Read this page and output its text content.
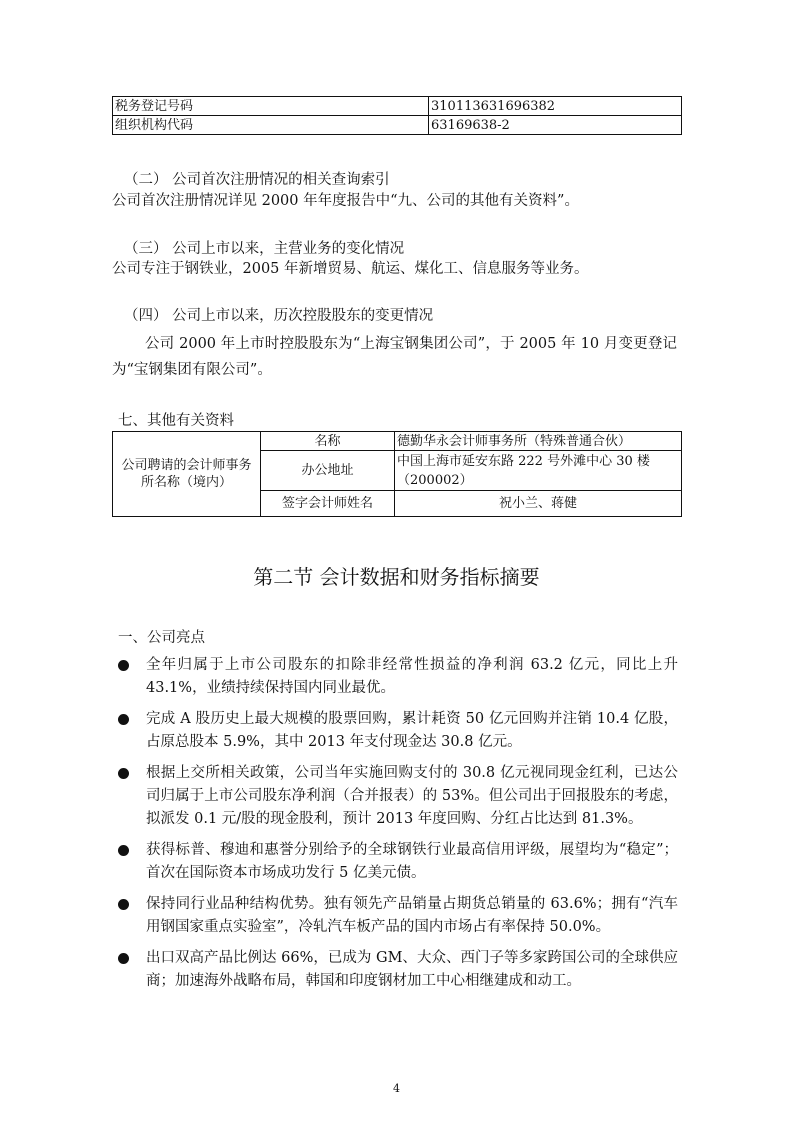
税务登记号码	310113631696382
组织机构代码	63169638-2
（二） 公司首次注册情况的相关查询索引
公司首次注册情况详见 2000 年年度报告中“九、公司的其他有关资料”。
（三） 公司上市以来，主营业务的变化情况
公司专注于钢铁业，2005 年新增贸易、航运、煤化工、信息服务等业务。
（四） 公司上市以来，历次控股股东的变更情况
公司 2000 年上市时控股股东为“上海宝钢集团公司”，于 2005 年 10 月变更登记为“宝钢集团有限公司”。
七、其他有关资料
公司聘请的会计师事务所名称（境内）	名称	德勤华永会计师事务所（特殊普通合伙）
	办公地址	中国上海市延安东路 222 号外滩中心 30 楼（200002）
	签字会计师姓名	祝小兰、蒋健
第二节 会计数据和财务指标摘要
一、公司亮点
全年归属于上市公司股东的扣除非经常性损益的净利润 63.2 亿元，同比上升 43.1%，业绩持续保持国内同业最优。
完成 A 股历史上最大规模的股票回购，累计耗资 50 亿元回购并注销 10.4 亿股，占原总股本 5.9%，其中 2013 年支付现金达 30.8 亿元。
根据上交所相关政策，公司当年实施回购支付的 30.8 亿元视同现金红利，已达公司归属于上市公司股东净利润（合并报表）的 53%。但公司出于回报股东的考虑，拟派发 0.1 元/股的现金股利，预计 2013 年度回购、分红占比达到 81.3%。
获得标普、穆迪和惠誉分别给予的全球钢铁行业最高信用评级，展望均为“稳定”；首次在国际资本市场成功发行 5 亿美元债。
保持同行业品种结构优势。独有领先产品销量占期货总销量的 63.6%；拥有“汽车用钢国家重点实验室”，冷轧汽车板产品的国内市场占有率保持 50.0%。
出口双高产品比例达 66%，已成为 GM、大众、西门子等多家跨国公司的全球供应商；加速海外战略布局，韩国和印度钢材加工中心相继建成和动工。
4
